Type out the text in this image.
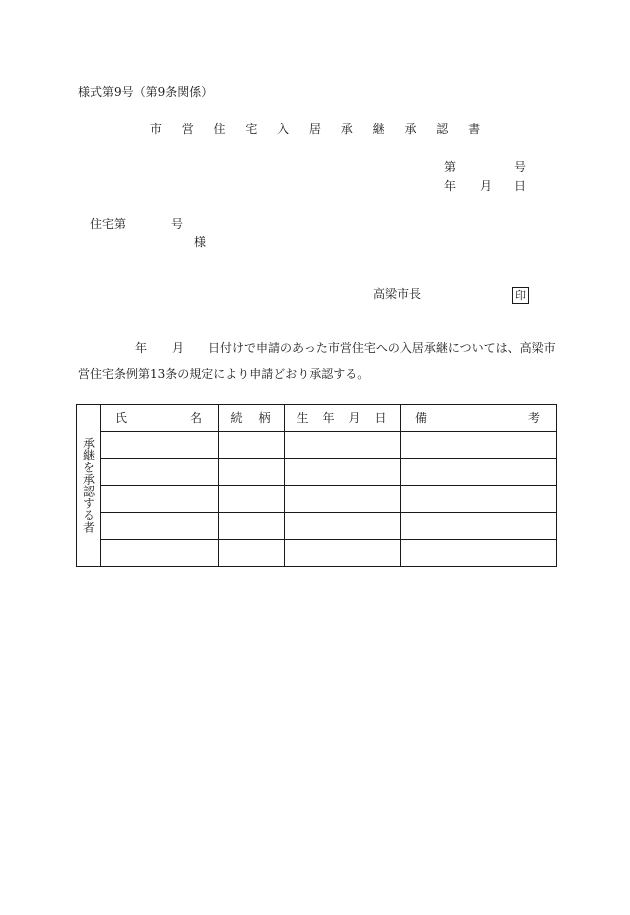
様式第9号（第9条関係）
市 営 住 宅 入 居 承 継 承 認 書
第	号
年 月 日
住宅第	号
様
高梁市長	印
年 月 日付けで申請のあった市営住宅への入居承継については、高梁市
営住宅条例第13条の規定により申請どおり承認する。
承継を承認する者	氏 名	続　柄	生 年 月 日	備 考
